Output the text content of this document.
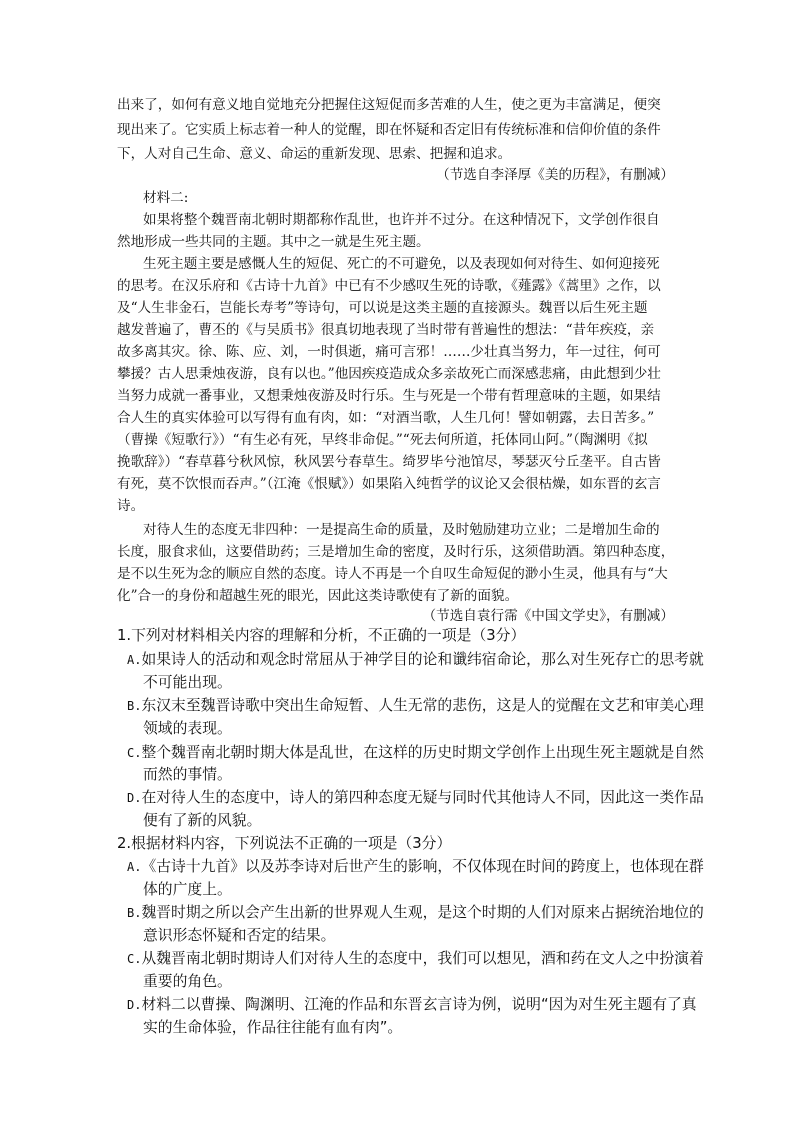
出来了，如何有意义地自觉地充分把握住这短促而多苦难的人生，使之更为丰富满足，便突
现出来了。它实质上标志着一种人的觉醒，即在怀疑和否定旧有传统标准和信仰价值的条件
下，人对自己生命、意义、命运的重新发现、思索、把握和追求。
（节选自李泽厚《美的历程》，有删减）
材料二:
如果将整个魏晋南北朝时期都称作乱世，也许并不过分。在这种情况下，文学创作很自
然地形成一些共同的主题。其中之一就是生死主题。
生死主题主要是感慨人生的短促、死亡的不可避免，以及表现如何对待生、如何迎接死
的思考。在汉乐府和《古诗十九首》中已有不少感叹生死的诗歌，《薤露》《蒿里》之作，以
及“人生非金石，岂能长寿考”等诗句，可以说是这类主题的直接源头。魏晋以后生死主题
越发普遍了，曹丕的《与吴质书》很真切地表现了当时带有普遍性的想法：“昔年疾疫，亲
故多离其灾。徐、陈、应、刘，一时俱逝，痛可言邪！……少壮真当努力，年一过往，何可
攀援？古人思秉烛夜游，良有以也。”他因疾疫造成众多亲故死亡而深感悲痛，由此想到少壮
当努力成就一番事业，又想秉烛夜游及时行乐。生与死是一个带有哲理意味的主题，如果结
合人生的真实体验可以写得有血有肉，如：“对酒当歌，人生几何！譬如朝露，去日苦多。”
（曹操《短歌行》）“有生必有死，早终非命促。”“死去何所道，托体同山阿。”（陶渊明《拟
挽歌辞》）“春草暮兮秋风惊，秋风罢兮春草生。绮罗毕兮池馆尽，琴瑟灭兮丘垄平。自古皆
有死，莫不饮恨而吞声。”（江淹《恨赋》）如果陷入纯哲学的议论又会很枯燥，如东晋的玄言
诗。
对待人生的态度无非四种：一是提高生命的质量，及时勉励建功立业；二是增加生命的
长度，服食求仙，这要借助药；三是增加生命的密度，及时行乐，这须借助酒。第四种态度，
是不以生死为念的顺应自然的态度。诗人不再是一个自叹生命短促的渺小生灵，他具有与“大
化”合一的身份和超越生死的眼光，因此这类诗歌使有了新的面貌。
（节选自袁行霈《中国文学史》，有删减）
1.下列对材料相关内容的理解和分析，不正确的一项是（3分）
A.如果诗人的活动和观念时常屈从于神学目的论和谶纬宿命论，那么对生死存亡的思考就
不可能出现。
B.东汉末至魏晋诗歌中突出生命短暂、人生无常的悲伤，这是人的觉醒在文艺和审美心理
领域的表现。
C.整个魏晋南北朝时期大体是乱世，在这样的历史时期文学创作上出现生死主题就是自然
而然的事情。
D.在对待人生的态度中，诗人的第四种态度无疑与同时代其他诗人不同，因此这一类作品
便有了新的风貌。
2.根据材料内容，下列说法不正确的一项是（3分）
A.《古诗十九首》以及苏李诗对后世产生的影响，不仅体现在时间的跨度上，也体现在群
体的广度上。
B.魏晋时期之所以会产生出新的世界观人生观，是这个时期的人们对原来占据统治地位的
意识形态怀疑和否定的结果。
C.从魏晋南北朝时期诗人们对待人生的态度中，我们可以想见，酒和药在文人之中扮演着
重要的角色。
D.材料二以曹操、陶渊明、江淹的作品和东晋玄言诗为例，说明“因为对生死主题有了真
实的生命体验，作品往往能有血有肉”。
